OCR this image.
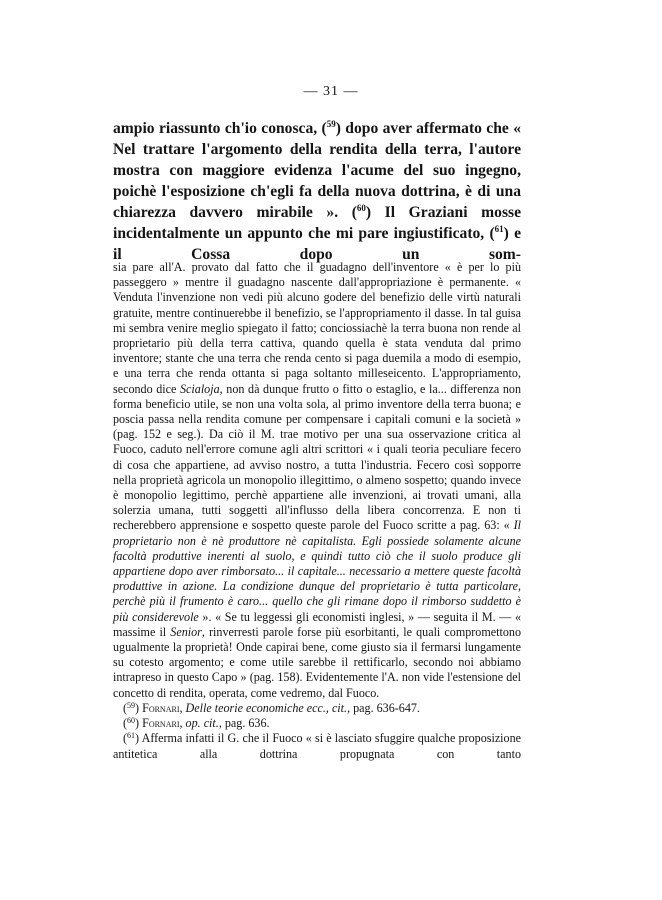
— 31 —

ampio riassunto ch'io conosca, ($^{59}$) dopo aver affermato che « Nel trattare l'argomento della rendita della terra, l'autore mostra con maggiore evidenza l'acume del suo ingegno, poichè l'esposizione ch'egli fa della nuova dottrina, è di una chiarezza davvero mirabile ». ($^{60}$) Il Graziani mosse incidentalmente un appunto che mi pare ingiustificato, ($^{61}$) e il Cossa dopo un som-

sia pare all'A. provato dal fatto che il guadagno dell'inventore « è per lo più passeggero » mentre il guadagno nascente dall'appropriazione è permanente. « Venduta l'invenzione non vedi più alcuno godere del benefizio delle virtù naturali gratuite, mentre continuerebbe il benefizio, se l'appropriamento il dasse. In tal guisa mi sembra venire meglio spiegato il fatto; conciossiachè la terra buona non rende al proprietario più della terra cattiva, quando quella è stata venduta dal primo inventore; stante che una terra che renda cento si paga duemila a modo di esempio, e una terra che renda ottanta si paga soltanto milleseicento. L'appropriamento, secondo dice Scialoja, non dà dunque frutto o fitto o estaglio, e la... differenza non forma beneficio utile, se non una volta sola, al primo inventore della terra buona; e poscia passa nella rendita comune per compensare i capitali comuni e la società » (pag. 152 e seg.). Da ciò il M. trae motivo per una sua osservazione critica al Fuoco, caduto nell'errore comune agli altri scrittori « i quali teoria peculiare fecero di cosa che appartiene, ad avviso nostro, a tutta l'industria. Fecero così sopporre nella proprietà agricola un monopolio illegittimo, o almeno sospetto; quando invece è monopolio legittimo, perchè appartiene alle invenzioni, ai trovati umani, alla solerzia umana, tutti soggetti all'influsso della libera concorrenza. E non ti recherebbero apprensione e sospetto queste parole del Fuoco scritte a pag. 63: « Il proprietario non è nè produttore nè capitalista. Egli possiede solamente alcune facoltà produttive inerenti al suolo, e quindi tutto ciò che il suolo produce gli appartiene dopo aver rimborsato... il capitale... necessario a mettere queste facoltà produttive in azione. La condizione dunque del proprietario è tutta particolare, perchè più il frumento è caro... quello che gli rimane dopo il rimborso suddetto è più considerevole ». « Se tu leggessi gli economisti inglesi, » — seguita il M. — « massime il Senior, rinverresti parole forse più esorbitanti, le quali compromettono ugualmente la proprietà! Onde capirai bene, come giusto sia il fermarsi lungamente su cotesto argomento; e come utile sarebbe il rettificarlo, secondo noi abbiamo intrapreso in questo Capo » (pag. 158). Evidentemente l'A. non vide l'estensione del concetto di rendita, operata, come vedremo, dal Fuoco.

($^{59}$) Fornari, Delle teorie economiche ecc., cit., pag. 636-647.

($^{60}$) Fornari, op. cit., pag. 636.

($^{61}$) Afferma infatti il G. che il Fuoco « si è lasciato sfuggire qualche proposizione antitetica alla dottrina propugnata con tanto
